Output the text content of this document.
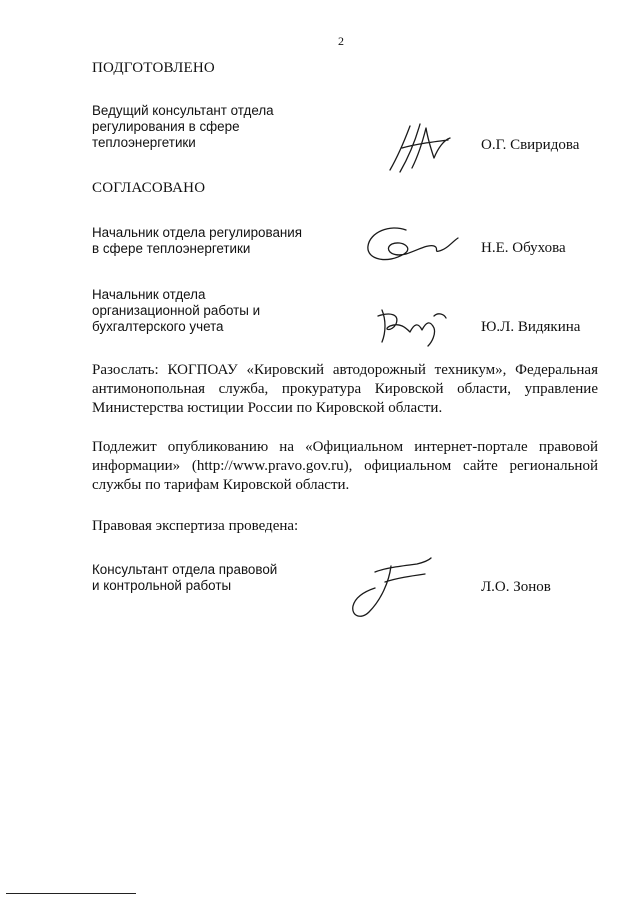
2
ПОДГОТОВЛЕНО
Ведущий консультант отдела
регулирования в сфере
теплоэнергетики	О.Г. Свиридова
СОГЛАСОВАНО
Начальник отдела регулирования
в сфере теплоэнергетики	Н.Е. Обухова
Начальник отдела
организационной работы и
бухгалтерского учета	Ю.Л. Видякина
Разослать: КОГПОАУ «Кировский автодорожный техникум», Федеральная антимонопольная служба, прокуратура Кировской области, управление Министерства юстиции России по Кировской области.
Подлежит опубликованию на «Официальном интернет-портале правовой информации» (http://www.pravo.gov.ru), официальном сайте региональной службы по тарифам Кировской области.
Правовая экспертиза проведена:
Консультант отдела правовой
и контрольной работы	Л.О. Зонов
